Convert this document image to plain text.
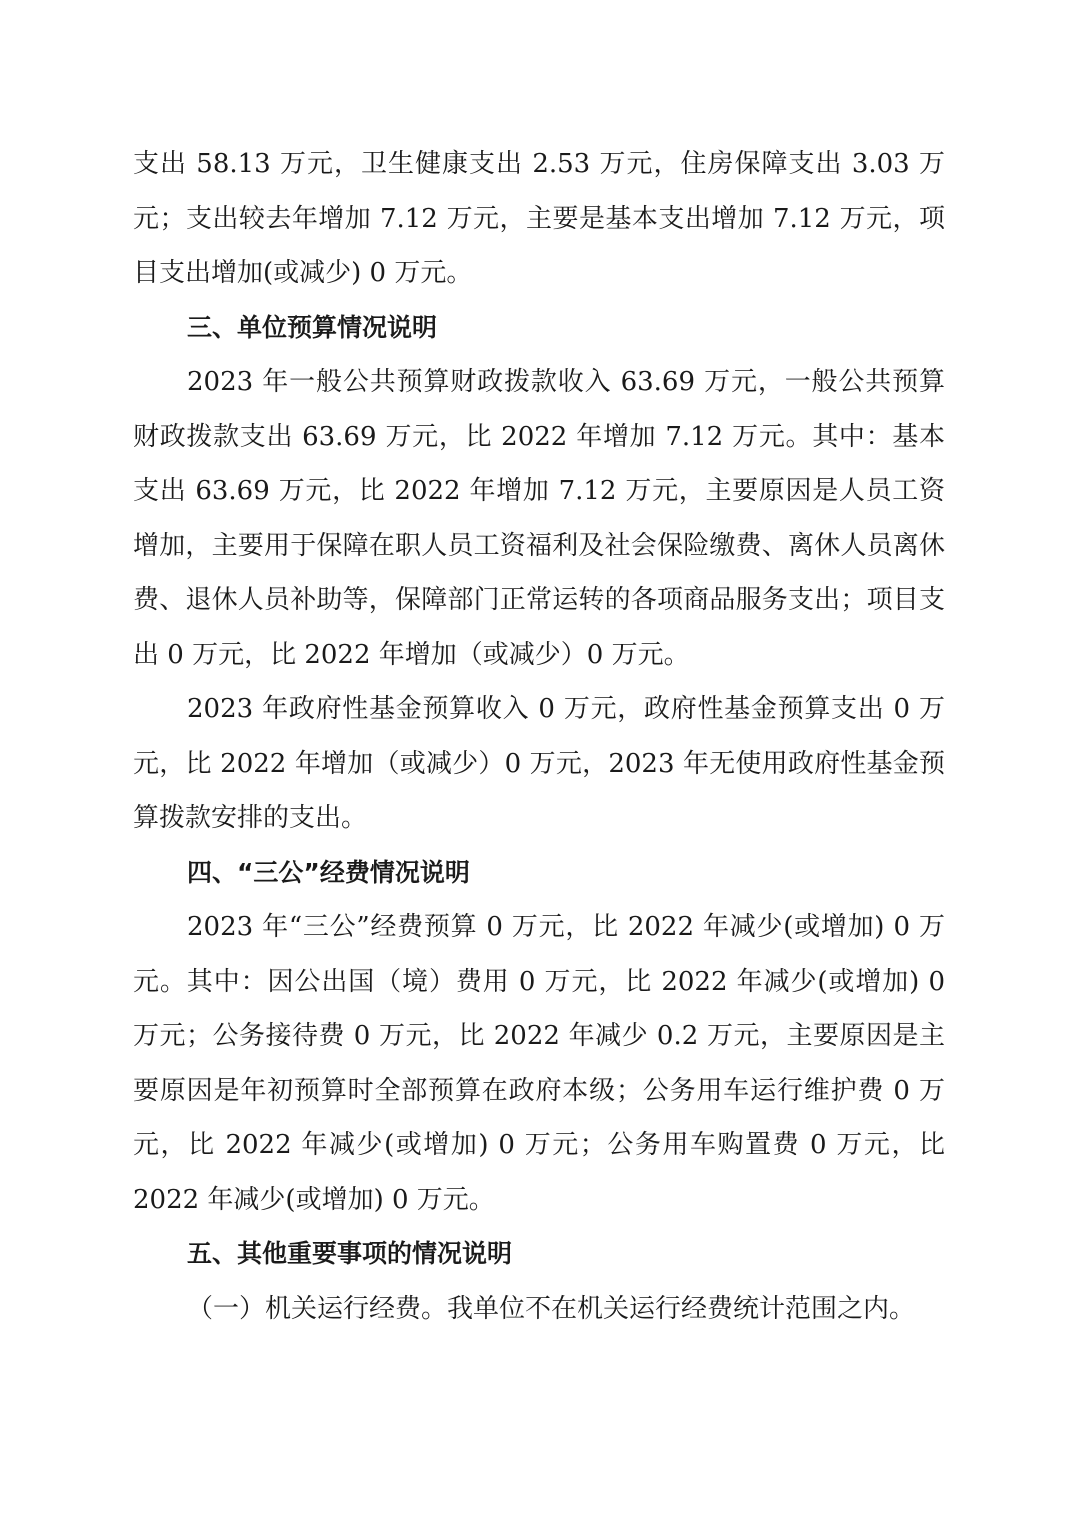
支出 58.13 万元，卫生健康支出 2.53 万元，住房保障支出 3.03 万元；支出较去年增加 7.12 万元，主要是基本支出增加 7.12 万元，项目支出增加(或减少) 0 万元。

三、单位预算情况说明

2023 年一般公共预算财政拨款收入 63.69 万元，一般公共预算财政拨款支出 63.69 万元，比 2022 年增加 7.12 万元。其中：基本支出 63.69 万元，比 2022 年增加 7.12 万元，主要原因是人员工资增加，主要用于保障在职人员工资福利及社会保险缴费、离休人员离休费、退休人员补助等，保障部门正常运转的各项商品服务支出；项目支出 0 万元，比 2022 年增加（或减少）0 万元。

2023 年政府性基金预算收入 0 万元，政府性基金预算支出 0 万元，比 2022 年增加（或减少）0 万元，2023 年无使用政府性基金预算拨款安排的支出。

四、“三公”经费情况说明

2023 年“三公”经费预算 0 万元，比 2022 年减少(或增加) 0 万元。其中：因公出国（境）费用 0 万元，比 2022 年减少(或增加) 0 万元；公务接待费 0 万元，比 2022 年减少 0.2 万元，主要原因是主要原因是年初预算时全部预算在政府本级；公务用车运行维护费 0 万元，比 2022 年减少(或增加) 0 万元；公务用车购置费 0 万元，比 2022 年减少(或增加) 0 万元。

五、其他重要事项的情况说明

（一）机关运行经费。我单位不在机关运行经费统计范围之内。
